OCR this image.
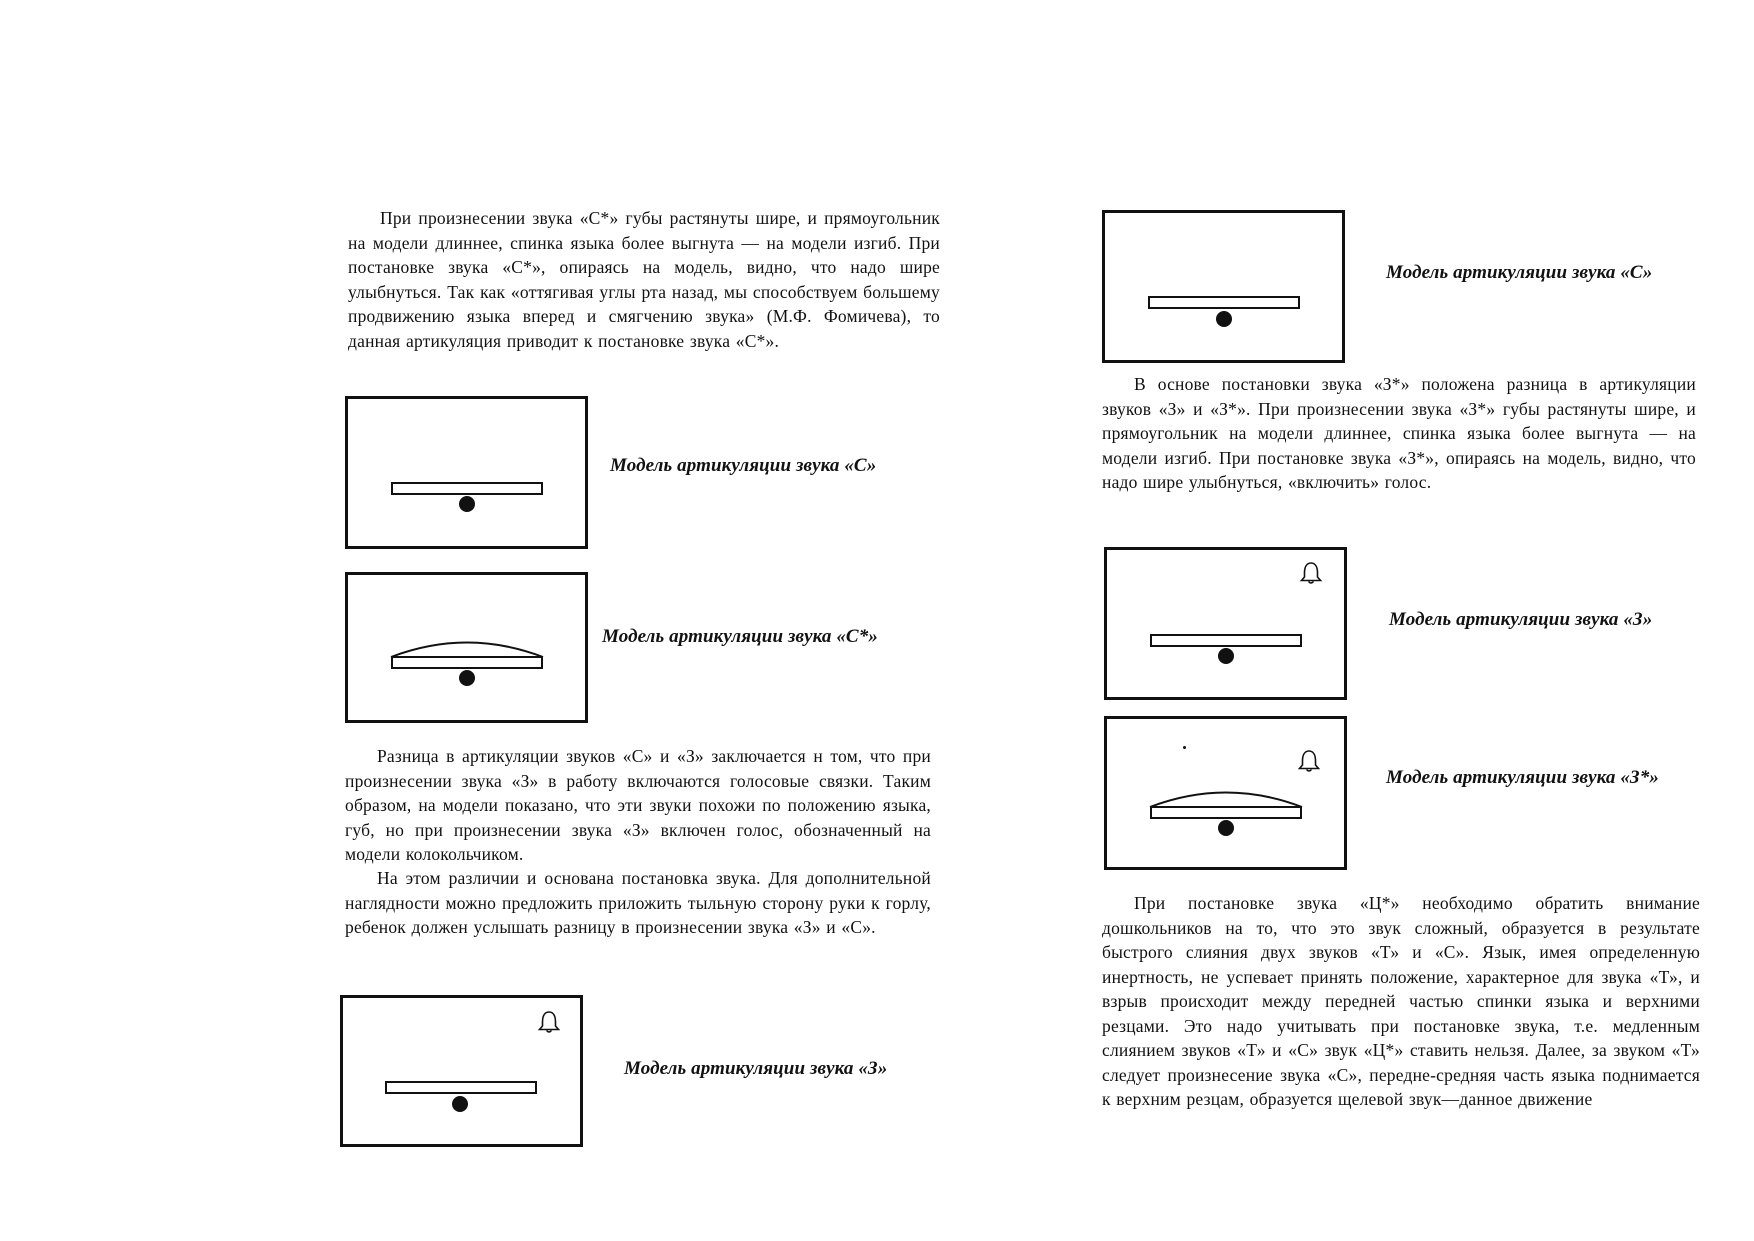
При произнесении звука «С*» губы растянуты шире, и прямоугольник на модели длиннее, спинка языка более выгнута — на модели изгиб. При постановке звука «С*», опираясь на модель, видно, что надо шире улыбнуться. Так как «оттягивая углы рта назад, мы способствуем большему продвижению языка вперед и смягчению звука» (М.Ф. Фомичева), то данная артикуляция приводит к постановке звука «С*».

Модель артикуляции звука «С»
Модель артикуляции звука «С*»

Разница в артикуляции звуков «С» и «З» заключается н том, что при произнесении звука «З» в работу включаются голосовые связки. Таким образом, на модели показано, что эти звуки похожи по положению языка, губ, но при произнесении звука «З» включен голос, обозначенный на модели колокольчиком.

На этом различии и основана постановка звука. Для дополнительной наглядности можно предложить приложить тыльную сторону руки к горлу, ребенок должен услышать разницу в произнесении звука «З» и «С».

Модель артикуляции звука «З»
Модель артикуляции звука «С»

В основе постановки звука «З*» положена разница в артикуляции звуков «З» и «З*». При произнесении звука «З*» губы растянуты шире, и прямоугольник на модели длиннее, спинка языка более выгнута — на модели изгиб. При постановке звука «З*», опираясь на модель, видно, что надо шире улыбнуться, «включить» голос.

Модель артикуляции звука «З»
Модель артикуляции звука «З*»

При постановке звука «Ц*» необходимо обратить внимание дошкольников на то, что это звук сложный, образуется в результате быстрого слияния двух звуков «Т» и «С». Язык, имея определенную инертность, не успевает принять положение, характерное для звука «Т», и взрыв происходит между передней частью спинки языка и верхними резцами. Это надо учитывать при постановке звука, т.е. медленным слиянием звуков «Т» и «С» звук «Ц*» ставить нельзя. Далее, за звуком «Т» следует произнесение звука «С», передне-средняя часть языка поднимается к верхним резцам, образуется щелевой звук—данное движение
